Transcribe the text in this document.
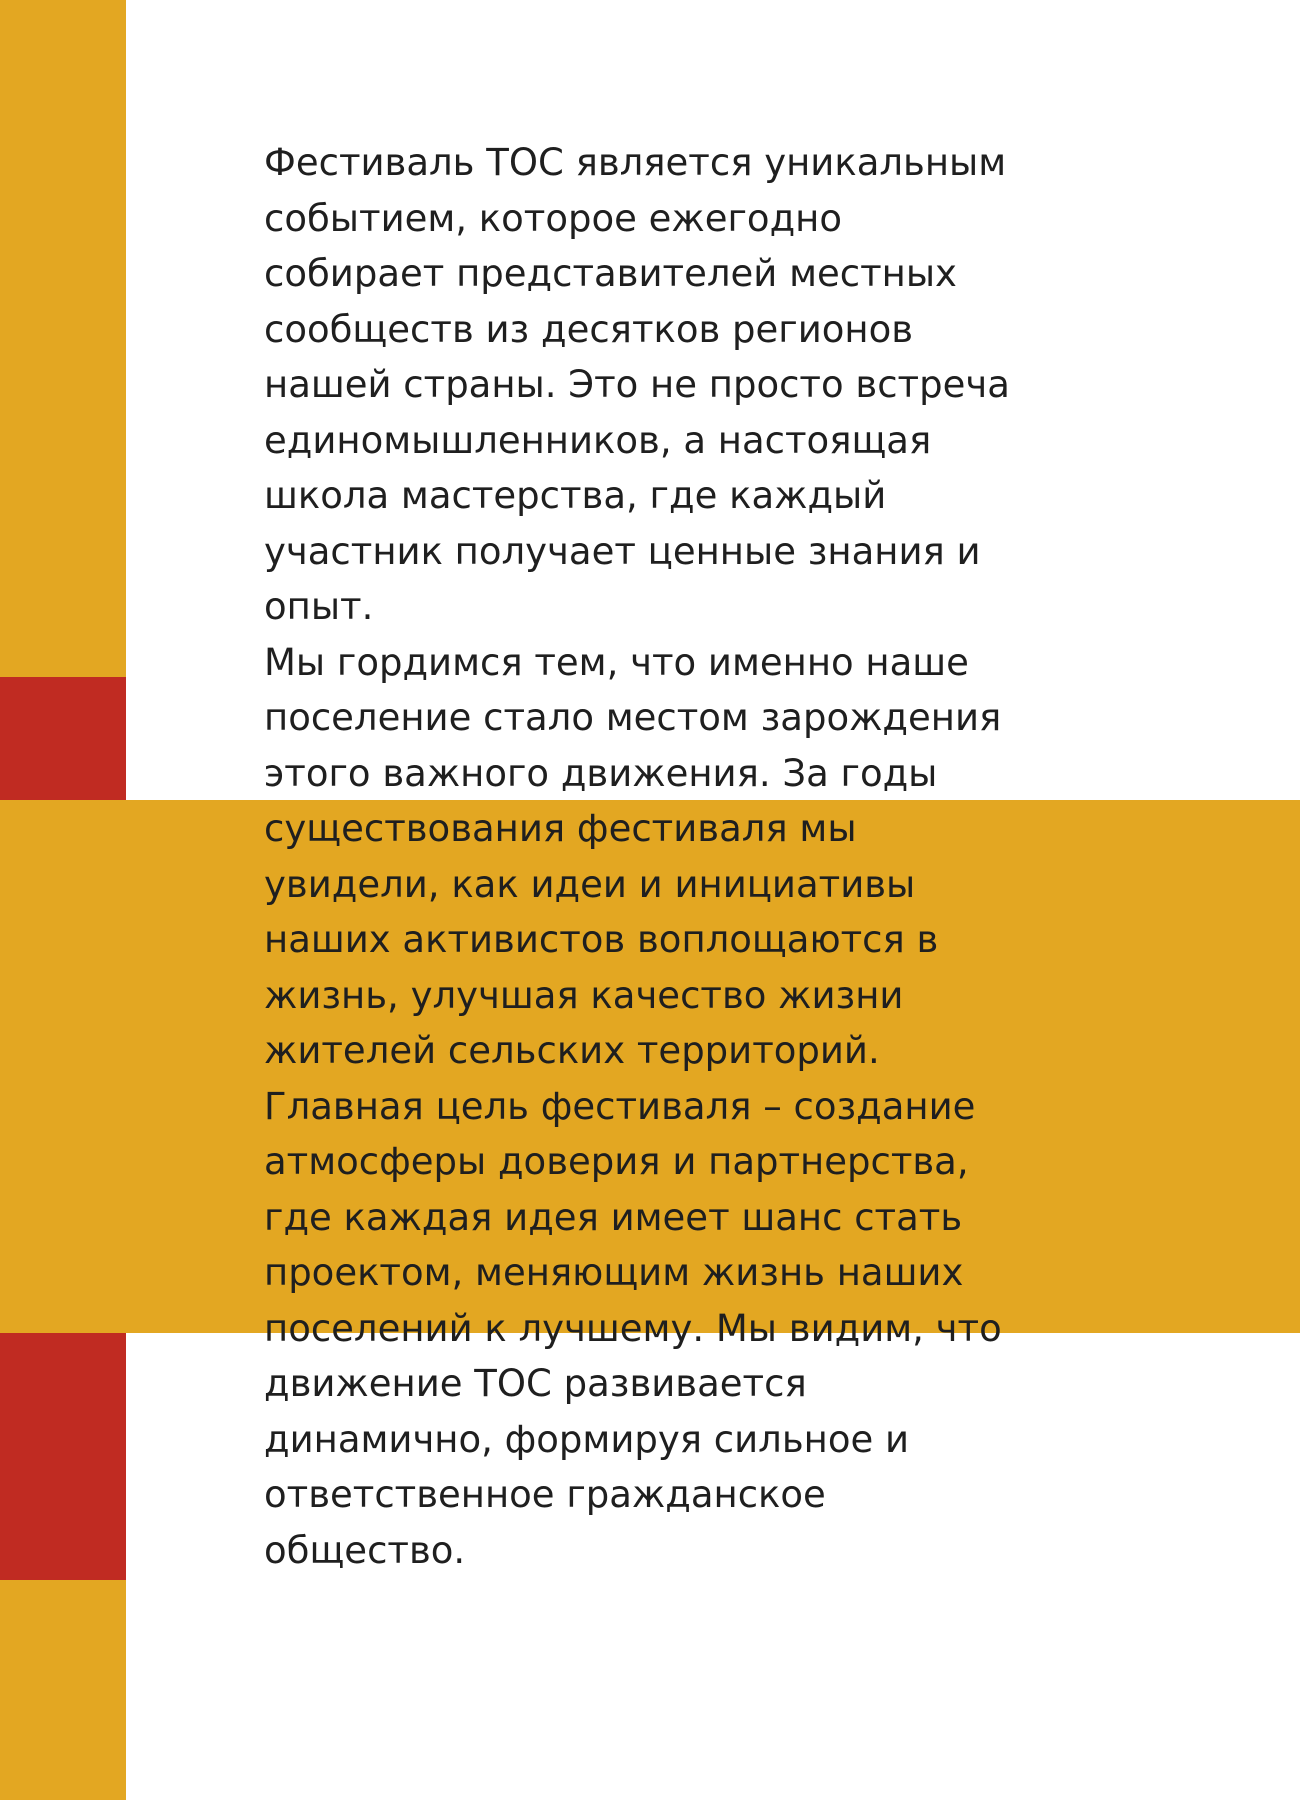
Фестиваль ТОС является уникальным
событием, которое ежегодно
собирает представителей местных
сообществ из десятков регионов
нашей страны. Это не просто встреча
единомышленников, а настоящая
школа мастерства, где каждый
участник получает ценные знания и
опыт.
Мы гордимся тем, что именно наше
поселение стало местом зарождения
этого важного движения. За годы
существования фестиваля мы
увидели, как идеи и инициативы
наших активистов воплощаются в
жизнь, улучшая качество жизни
жителей сельских территорий.
Главная цель фестиваля – создание
атмосферы доверия и партнерства,
где каждая идея имеет шанс стать
проектом, меняющим жизнь наших
поселений к лучшему. Мы видим, что
движение ТОС развивается
динамично, формируя сильное и
ответственное гражданское
общество.
